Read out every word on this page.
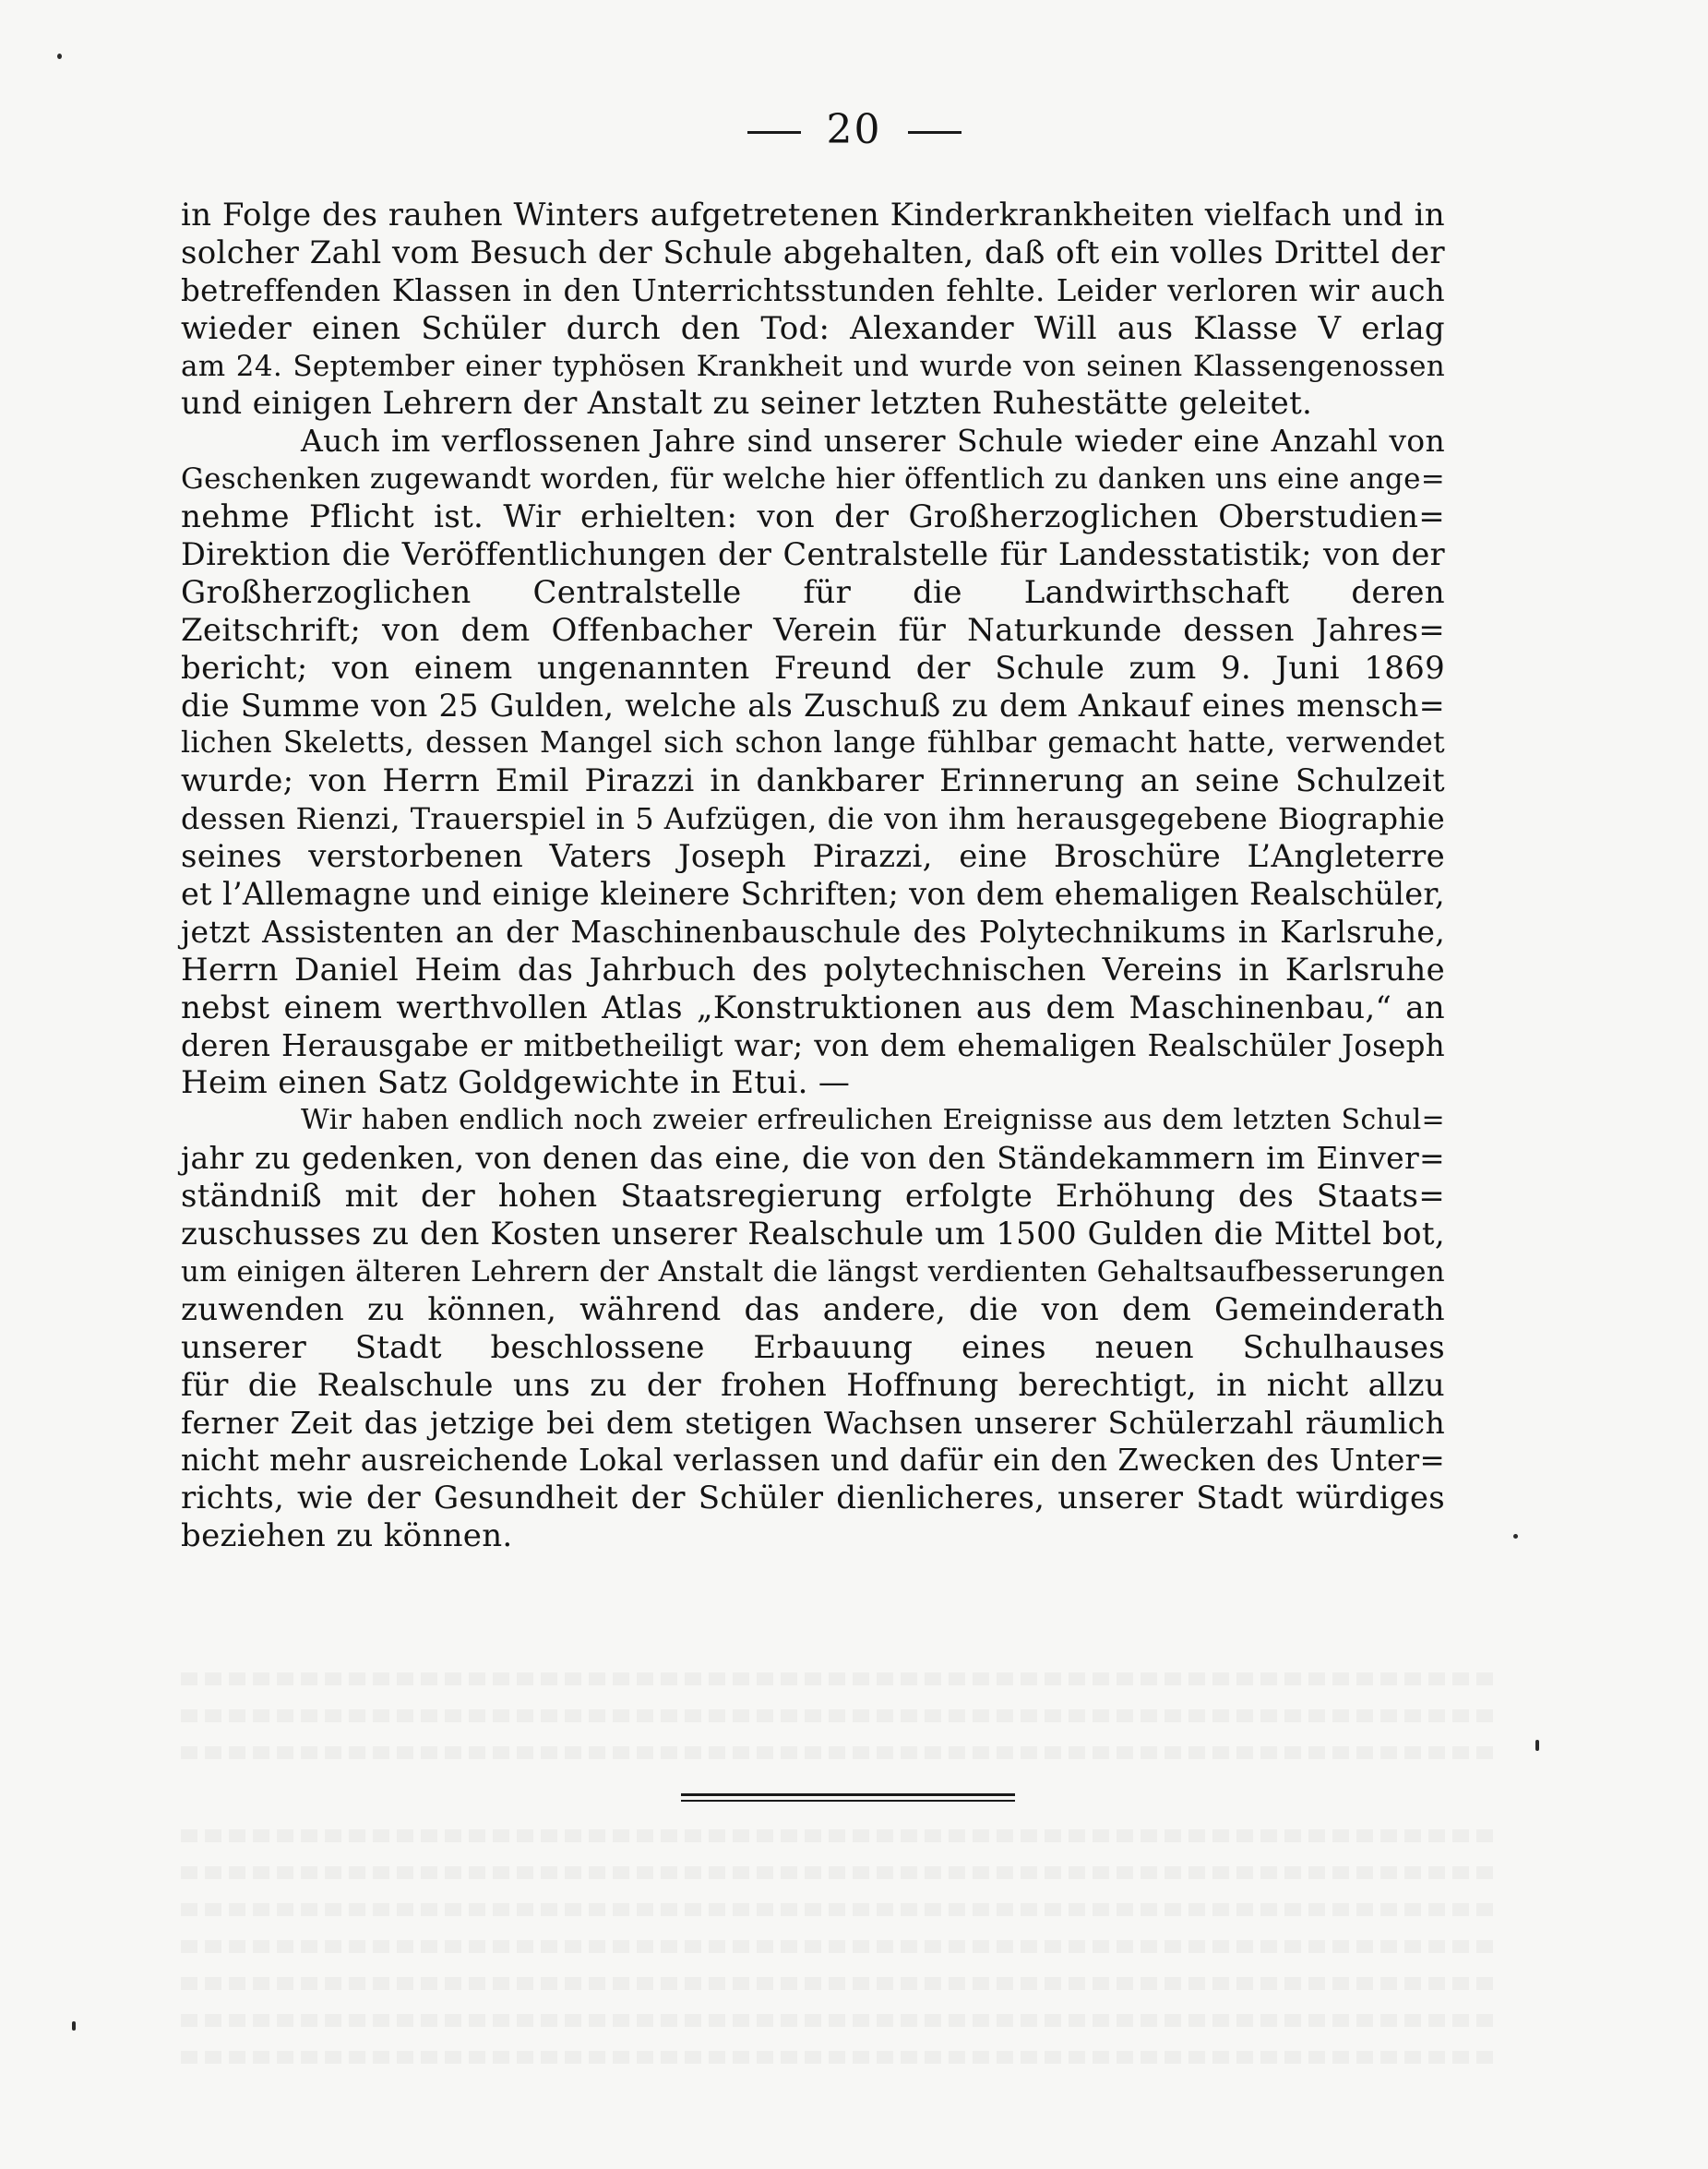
20
in Folge des rauhen Winters aufgetretenen Kinderkrankheiten vielfach und in
solcher Zahl vom Besuch der Schule abgehalten, daß oft ein volles Drittel der
betreffenden Klassen in den Unterrichtsstunden fehlte. Leider verloren wir auch
wieder einen Schüler durch den Tod: Alexander Will aus Klasse V erlag
am 24. September einer typhösen Krankheit und wurde von seinen Klassengenossen
und einigen Lehrern der Anstalt zu seiner letzten Ruhestätte geleitet.
Auch im verflossenen Jahre sind unserer Schule wieder eine Anzahl von
Geschenken zugewandt worden, für welche hier öffentlich zu danken uns eine ange=
nehme Pflicht ist. Wir erhielten: von der Großherzoglichen Oberstudien=
Direktion die Veröffentlichungen der Centralstelle für Landesstatistik; von der
Großherzoglichen Centralstelle für die Landwirthschaft deren
Zeitschrift; von dem Offenbacher Verein für Naturkunde dessen Jahres=
bericht; von einem ungenannten Freund der Schule zum 9. Juni 1869
die Summe von 25 Gulden, welche als Zuschuß zu dem Ankauf eines mensch=
lichen Skeletts, dessen Mangel sich schon lange fühlbar gemacht hatte, verwendet
wurde; von Herrn Emil Pirazzi in dankbarer Erinnerung an seine Schulzeit
dessen Rienzi, Trauerspiel in 5 Aufzügen, die von ihm herausgegebene Biographie
seines verstorbenen Vaters Joseph Pirazzi, eine Broschüre L’Angleterre
et l’Allemagne und einige kleinere Schriften; von dem ehemaligen Realschüler,
jetzt Assistenten an der Maschinenbauschule des Polytechnikums in Karlsruhe,
Herrn Daniel Heim das Jahrbuch des polytechnischen Vereins in Karlsruhe
nebst einem werthvollen Atlas „Konstruktionen aus dem Maschinenbau,“ an
deren Herausgabe er mitbetheiligt war; von dem ehemaligen Realschüler Joseph
Heim einen Satz Goldgewichte in Etui. —
Wir haben endlich noch zweier erfreulichen Ereignisse aus dem letzten Schul=
jahr zu gedenken, von denen das eine, die von den Ständekammern im Einver=
ständniß mit der hohen Staatsregierung erfolgte Erhöhung des Staats=
zuschusses zu den Kosten unserer Realschule um 1500 Gulden die Mittel bot,
um einigen älteren Lehrern der Anstalt die längst verdienten Gehaltsaufbesserungen
zuwenden zu können, während das andere, die von dem Gemeinderath
unserer Stadt beschlossene Erbauung eines neuen Schulhauses
für die Realschule uns zu der frohen Hoffnung berechtigt, in nicht allzu
ferner Zeit das jetzige bei dem stetigen Wachsen unserer Schülerzahl räumlich
nicht mehr ausreichende Lokal verlassen und dafür ein den Zwecken des Unter=
richts, wie der Gesundheit der Schüler dienlicheres, unserer Stadt würdiges
beziehen zu können.
